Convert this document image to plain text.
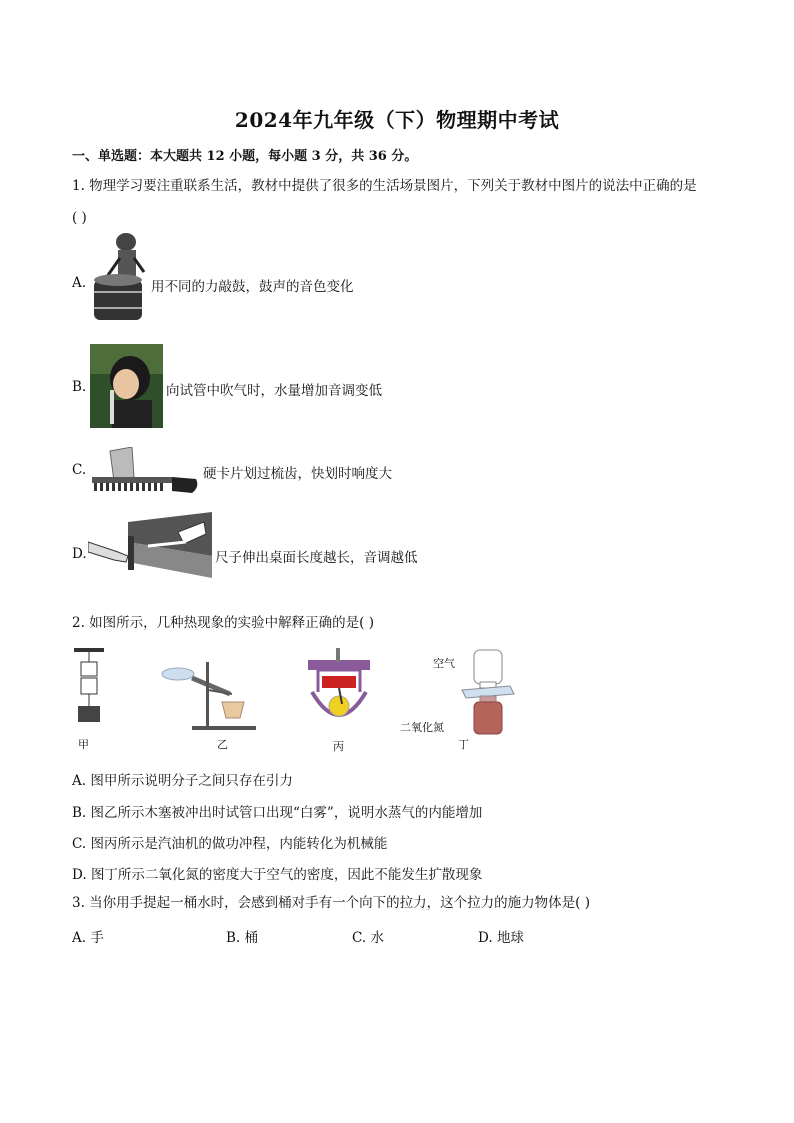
2024年九年级（下）物理期中考试
一、单选题：本大题共 12 小题，每小题 3 分，共 36 分。
1. 物理学习要注重联系生活，教材中提供了很多的生活场景图片，下列关于教材中图片的说法中正确的是
( )
A.	用不同的力敲鼓，鼓声的音色变化
B.	向试管中吹气时，水量增加音调变低
C.	硬卡片划过梳齿，快划时响度大
D.	尺子伸出桌面长度越长，音调越低
2. 如图所示，几种热现象的实验中解释正确的是( )
甲	乙	丙
空气
二氧化氮
丁
A. 图甲所示说明分子之间只存在引力
B. 图乙所示木塞被冲出时试管口出现“白雾”，说明水蒸气的内能增加
C. 图丙所示是汽油机的做功冲程，内能转化为机械能
D. 图丁所示二氧化氮的密度大于空气的密度，因此不能发生扩散现象
3. 当你用手提起一桶水时，会感到桶对手有一个向下的拉力，这个拉力的施力物体是( )
A. 手	B. 桶	C. 水	D. 地球
